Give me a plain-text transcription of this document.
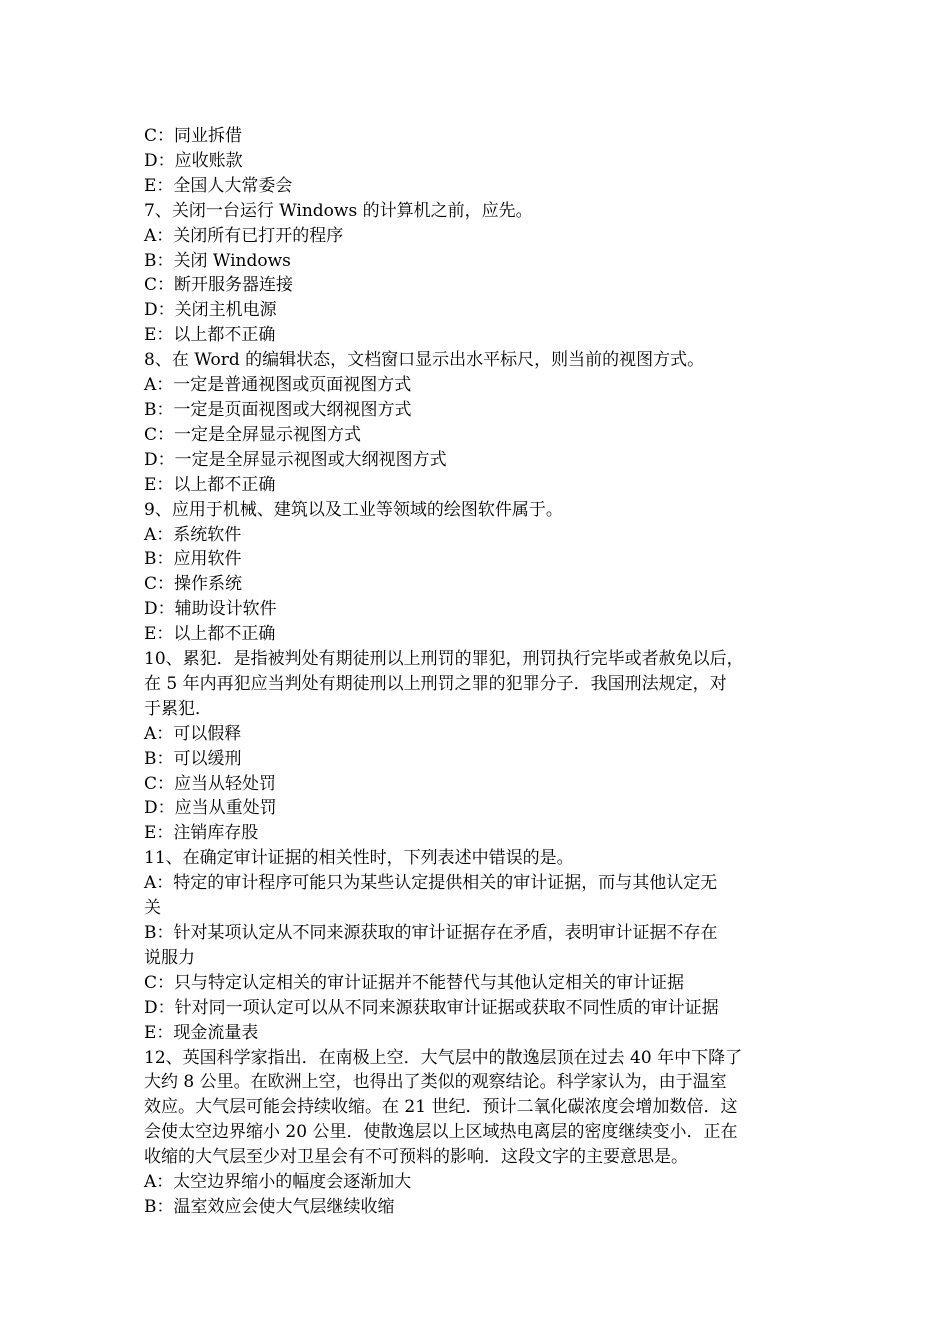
C：同业拆借

D：应收账款

E：全国人大常委会

7、关闭一台运行 Windows 的计算机之前，应先。

A：关闭所有已打开的程序

B：关闭 Windows

C：断开服务器连接

D：关闭主机电源

E：以上都不正确

8、在 Word 的编辑状态，文档窗口显示出水平标尺，则当前的视图方式。

A：一定是普通视图或页面视图方式

B：一定是页面视图或大纲视图方式

C：一定是全屏显示视图方式

D：一定是全屏显示视图或大纲视图方式

E：以上都不正确

9、应用于机械、建筑以及工业等领域的绘图软件属于。

A：系统软件

B：应用软件

C：操作系统

D：辅助设计软件

E：以上都不正确

10、累犯．是指被判处有期徒刑以上刑罚的罪犯，刑罚执行完毕或者赦免以后，

在 5 年内再犯应当判处有期徒刑以上刑罚之罪的犯罪分子．我国刑法规定，对

于累犯．

A：可以假释

B：可以缓刑

C：应当从轻处罚

D：应当从重处罚

E：注销库存股

11、在确定审计证据的相关性时，下列表述中错误的是。

A：特定的审计程序可能只为某些认定提供相关的审计证据，而与其他认定无

关

B：针对某项认定从不同来源获取的审计证据存在矛盾，表明审计证据不存在

说服力

C：只与特定认定相关的审计证据并不能替代与其他认定相关的审计证据

D：针对同一项认定可以从不同来源获取审计证据或获取不同性质的审计证据

E：现金流量表

12、英国科学家指出．在南极上空．大气层中的散逸层顶在过去 40 年中下降了

大约 8 公里。在欧洲上空，也得出了类似的观察结论。科学家认为，由于温室

效应。大气层可能会持续收缩。在 21 世纪．预计二氧化碳浓度会增加数倍．这

会使太空边界缩小 20 公里．使散逸层以上区域热电离层的密度继续变小．正在

收缩的大气层至少对卫星会有不可预料的影响．这段文字的主要意思是。

A：太空边界缩小的幅度会逐渐加大

B：温室效应会使大气层继续收缩
